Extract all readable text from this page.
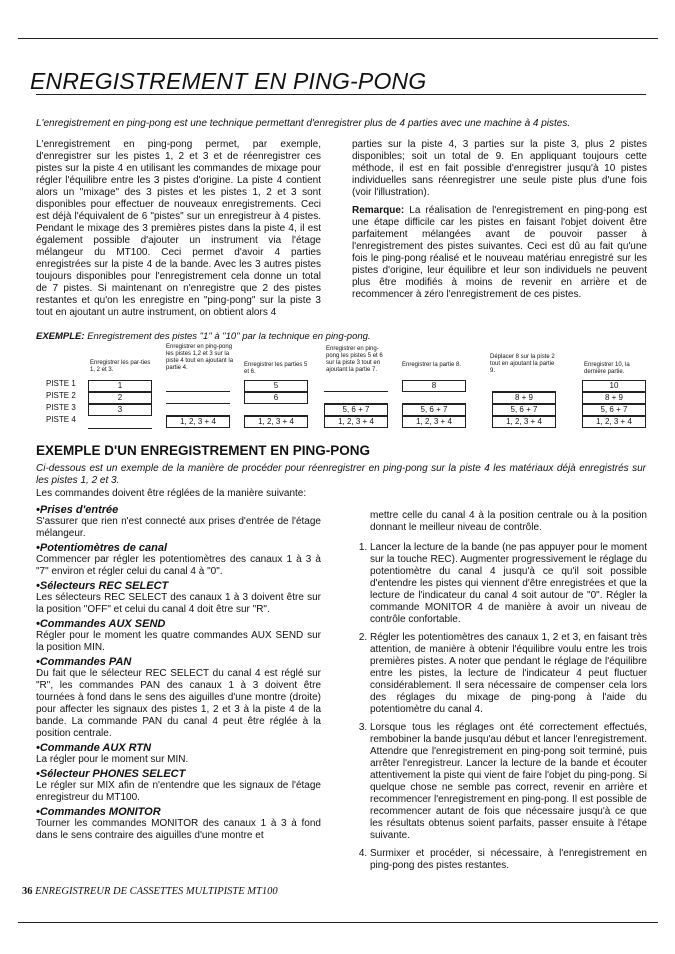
ENREGISTREMENT EN PING-PONG
L'enregistrement en ping-pong est une technique permettant d'enregistrer plus de 4 parties avec une machine à 4 pistes.

L'enregistrement en ping-pong permet, par exemple, d'enregistrer sur les pistes 1, 2 et 3 et de réenregistrer ces pistes sur la piste 4 en utilisant les commandes de mixage pour régler l'équilibre entre les 3 pistes d'origine. La piste 4 contient alors un "mixage" des 3 pistes et les pistes 1, 2 et 3 sont disponibles pour effectuer de nouveaux enregistrements. Ceci est déjà l'équivalent de 6 "pistes" sur un enregistreur à 4 pistes. Pendant le mixage des 3 premières pistes dans la piste 4, il est également possible d'ajouter un instrument via l'étage mélangeur du MT100. Ceci permet d'avoir 4 parties enregistrées sur la piste 4 de la bande. Avec les 3 autres pistes toujours disponibles pour l'enregistrement cela donne un total de 7 pistes. Si maintenant on n'enregistre que 2 des pistes restantes et qu'on les enregistre en "ping-pong" sur la piste 3 tout en ajoutant un autre instrument, on obtient alors 4

parties sur la piste 4, 3 parties sur la piste 3, plus 2 pistes disponibles; soit un total de 9. En appliquant toujours cette méthode, il est en fait possible d'enregistrer jusqu'à 10 pistes individuelles sans réenregistrer une seule piste plus d'une fois (voir l'illustration).

Remarque: La réalisation de l'enregistrement en ping-pong est une étape difficile car les pistes en faisant l'objet doivent être parfaitement mélangées avant de pouvoir passer à l'enregistrement des pistes suivantes. Ceci est dû au fait qu'une fois le ping-pong réalisé et le nouveau matériau enregistré sur les pistes d'origine, leur équilibre et leur son individuels ne peuvent plus être modifiés à moins de revenir en arrière et de recommencer à zéro l'enregistrement de ces pistes.

EXEMPLE: Enregistrement des pistes "1" à "10" par la technique en ping-pong.
Enregistrer les par-ties 1, 2 et 3.
Enregistrer en ping-pong les pistes 1,2 et 3 sur la piste 4 tout en ajoutant la partie 4.	Enregistrer les parties 5 et 6.
Enregistrer en ping-pong les pistes 5 et 6 sur la piste 3 tout en ajoutant la partie 7.
Enregistrer la partie 8.
Déplacer 8 sur la piste 2 tout en ajoutant la partie 9.
Enregistrer 10, la dernière partie.
PISTE 1
PISTE 2
PISTE 3
PISTE 4
1
2
3
1, 2, 3 + 4
5
6
1, 2, 3 + 4
5, 6 + 7
1, 2, 3 + 4
8
5, 6 + 7
1, 2, 3 + 4
8 + 9
5, 6 + 7
1, 2, 3 + 4
10
8 + 9
5, 6 + 7
1, 2, 3 + 4
EXEMPLE D'UN ENREGISTREMENT EN PING-PONG
Ci-dessous est un exemple de la manière de procéder pour réenregistrer en ping-pong sur la piste 4 les matériaux déjà enregistrés sur les pistes 1, 2 et 3.
Les commandes doivent être réglées de la manière suivante:

•Prises d'entrée

S'assurer que rien n'est connecté aux prises d'entrée de l'étage mélangeur.

•Potentiomètres de canal

Commencer par régler les potentiomètres des canaux 1 à 3 à "7" environ et régler celui du canal 4 à "0".

•Sélecteurs REC SELECT

Les sélecteurs REC SELECT des canaux 1 à 3 doivent être sur la position "OFF" et celui du canal 4 doit être sur "R".

•Commandes AUX SEND

Régler pour le moment les quatre commandes AUX SEND sur la position MIN.

•Commandes PAN

Du fait que le sélecteur REC SELECT du canal 4 est réglé sur "R", les commandes PAN des canaux 1 à 3 doivent être tournées à fond dans le sens des aiguilles d'une montre (droite) pour affecter les signaux des pistes 1, 2 et 3 à la piste 4 de la bande. La commande PAN du canal 4 peut être réglée à la position centrale.

•Commande AUX RTN

La régler pour le moment sur MIN.

•Sélecteur PHONES SELECT

Le régler sur MIX afin de n'entendre que les signaux de l'étage enregistreur du MT100.

•Commandes MONITOR

Tourner les commandes MONITOR des canaux 1 à 3 à fond dans le sens contraire des aiguilles d'une montre et

mettre celle du canal 4 à la position centrale ou à la position donnant le meilleur niveau de contrôle.

1. Lancer la lecture de la bande (ne pas appuyer pour le moment sur la touche REC). Augmenter progressivement le réglage du potentiomètre du canal 4 jusqu'à ce qu'il soit possible d'entendre les pistes qui viennent d'être enregistrées et que la lecture de l'indicateur du canal 4 soit autour de "0". Régler la commande MONITOR 4 de manière à avoir un niveau de contrôle confortable.
2. Régler les potentiomètres des canaux 1, 2 et 3, en faisant très attention, de manière à obtenir l'équilibre voulu entre les trois premières pistes. A noter que pendant le réglage de l'équilibre entre les pistes, la lecture de l'indicateur 4 peut fluctuer considérablement. Il sera nécessaire de compenser cela lors des réglages du mixage de ping-pong à l'aide du potentiomètre du canal 4.
3. Lorsque tous les réglages ont été correctement effectués, rembobiner la bande jusqu'au début et lancer l'enregistrement. Attendre que l'enregistrement en ping-pong soit terminé, puis arrêter l'enregistreur. Lancer la lecture de la bande et écouter attentivement la piste qui vient de faire l'objet du ping-pong. Si quelque chose ne semble pas correct, revenir en arrière et recommencer l'enregistrement en ping-pong. Il est possible de recommencer autant de fois que nécessaire jusqu'à ce que les résultats obtenus soient parfaits, passer ensuite à l'étape suivante.
4. Surmixer et procéder, si nécessaire, à l'enregistrement en ping-pong des pistes restantes.
36 ENREGISTREUR DE CASSETTES MULTIPISTE MT100
